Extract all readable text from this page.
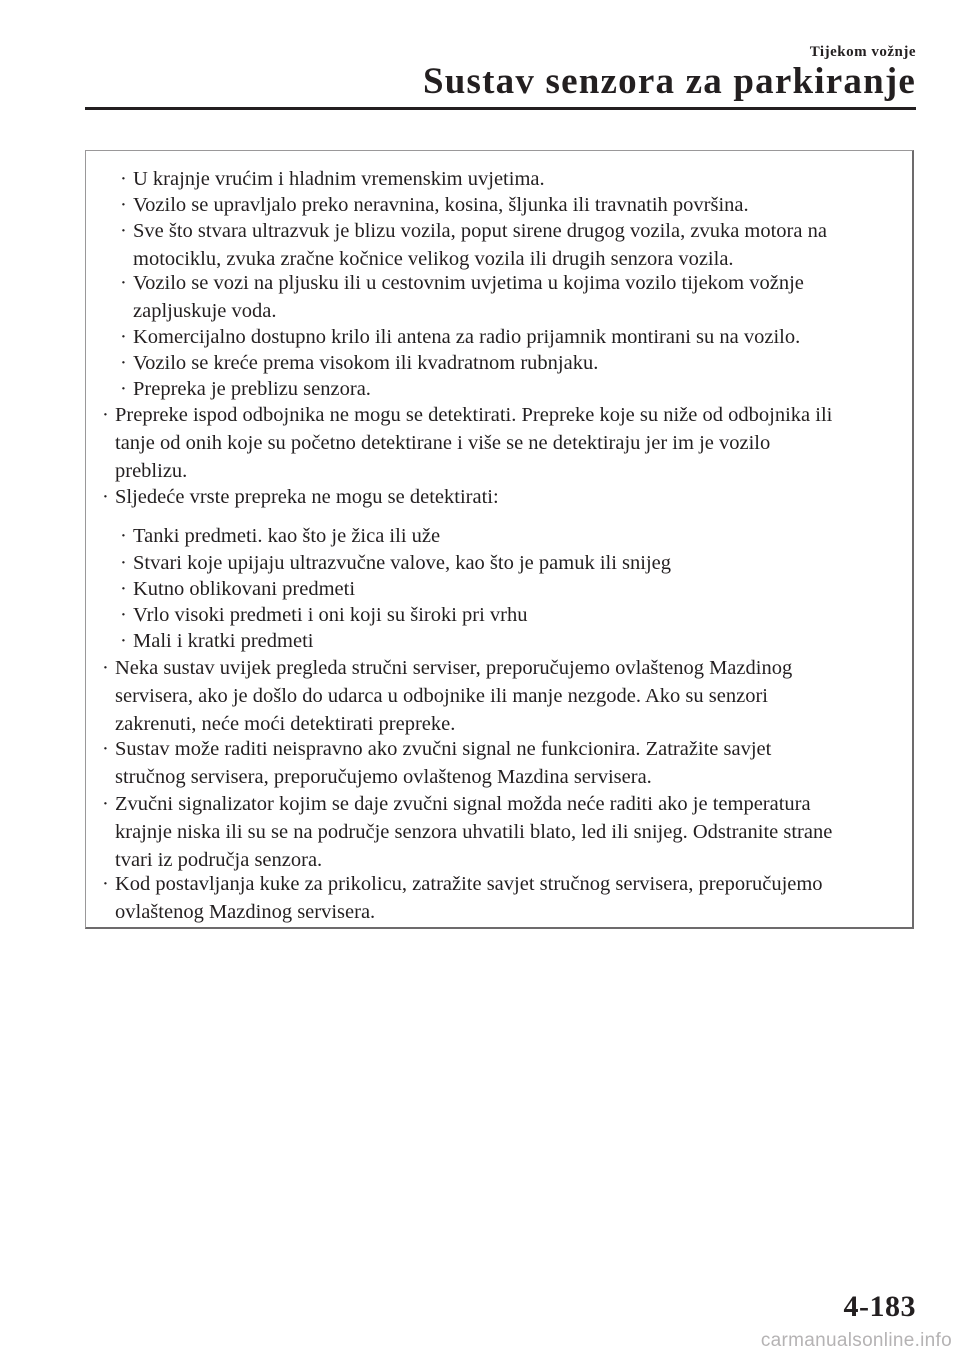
Tijekom vožnje
Sustav senzora za parkiranje
· U krajnje vrućim i hladnim vremenskim uvjetima.
· Vozilo se upravljalo preko neravnina, kosina, šljunka ili travnatih površina.
· Sve što stvara ultrazvuk je blizu vozila, poput sirene drugog vozila, zvuka motora na
motociklu, zvuka zračne kočnice velikog vozila ili drugih senzora vozila.
· Vozilo se vozi na pljusku ili u cestovnim uvjetima u kojima vozilo tijekom vožnje
zapljuskuje voda.
· Komercijalno dostupno krilo ili antena za radio prijamnik montirani su na vozilo.
· Vozilo se kreće prema visokom ili kvadratnom rubnjaku.
· Prepreka je preblizu senzora.
· Prepreke ispod odbojnika ne mogu se detektirati. Prepreke koje su niže od odbojnika ili
tanje od onih koje su početno detektirane i više se ne detektiraju jer im je vozilo
preblizu.
· Sljedeće vrste prepreka ne mogu se detektirati:
· Tanki predmeti. kao što je žica ili uže
· Stvari koje upijaju ultrazvučne valove, kao što je pamuk ili snijeg
· Kutno oblikovani predmeti
· Vrlo visoki predmeti i oni koji su široki pri vrhu
· Mali i kratki predmeti
· Neka sustav uvijek pregleda stručni serviser, preporučujemo ovlaštenog Mazdinog
servisera, ako je došlo do udarca u odbojnike ili manje nezgode. Ako su senzori
zakrenuti, neće moći detektirati prepreke.
· Sustav može raditi neispravno ako zvučni signal ne funkcionira. Zatražite savjet
stručnog servisera, preporučujemo ovlaštenog Mazdina servisera.
· Zvučni signalizator kojim se daje zvučni signal možda neće raditi ako je temperatura
krajnje niska ili su se na područje senzora uhvatili blato, led ili snijeg. Odstranite strane
tvari iz područja senzora.
· Kod postavljanja kuke za prikolicu, zatražite savjet stručnog servisera, preporučujemo
ovlaštenog Mazdinog servisera.
4-183
carmanualsonline.info
